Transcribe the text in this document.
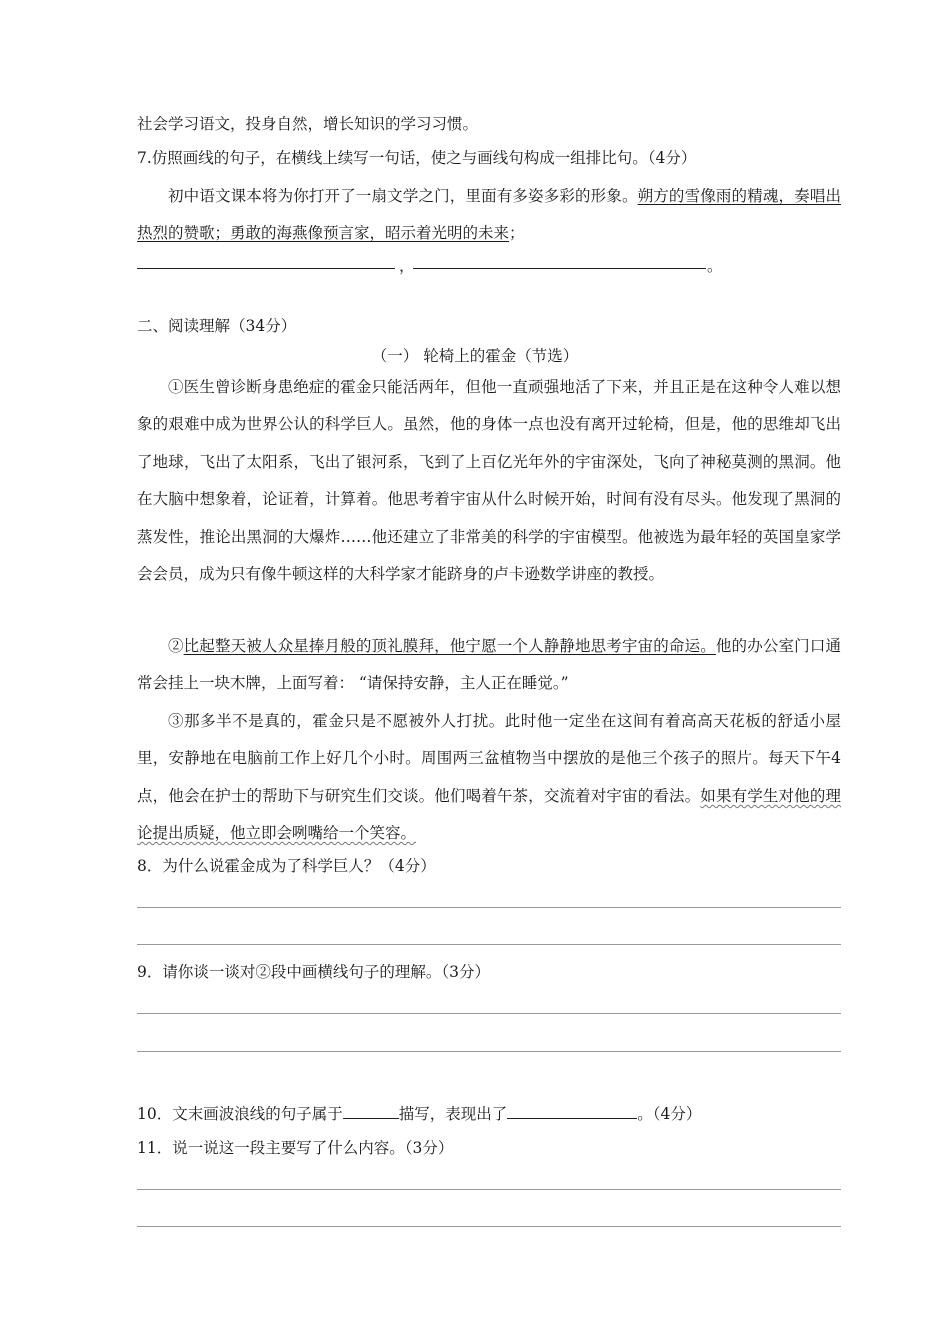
社会学习语文，投身自然，增长知识的学习习惯。
7.仿照画线的句子，在横线上续写一句话，使之与画线句构成一组排比句。（4分）
初中语文课本将为你打开了一扇文学之门，里面有多姿多彩的形象。朔方的雪像雨的精魂，奏唱出热烈的赞歌；勇敢的海燕像预言家，昭示着光明的未来；
，	。
二、阅读理解（34分）
（一） 轮椅上的霍金（节选）
①医生曾诊断身患绝症的霍金只能活两年，但他一直顽强地活了下来，并且正是在这种令人难以想象的艰难中成为世界公认的科学巨人。虽然，他的身体一点也没有离开过轮椅，但是，他的思维却飞出了地球，飞出了太阳系，飞出了银河系，飞到了上百亿光年外的宇宙深处，飞向了神秘莫测的黑洞。他在大脑中想象着，论证着，计算着。他思考着宇宙从什么时候开始，时间有没有尽头。他发现了黑洞的蒸发性，推论出黑洞的大爆炸……他还建立了非常美的科学的宇宙模型。他被选为最年轻的英国皇家学会会员，成为只有像牛顿这样的大科学家才能跻身的卢卡逊数学讲座的教授。
②比起整天被人众星捧月般的顶礼膜拜，他宁愿一个人静静地思考宇宙的命运。他的办公室门口通常会挂上一块木牌，上面写着： “请保持安静，主人正在睡觉。”
③那多半不是真的，霍金只是不愿被外人打扰。此时他一定坐在这间有着高高天花板的舒适小屋里，安静地在电脑前工作上好几个小时。周围两三盆植物当中摆放的是他三个孩子的照片。每天下午4点，他会在护士的帮助下与研究生们交谈。他们喝着午茶，交流着对宇宙的看法。如果有学生对他的理论提出质疑，他立即会咧嘴给一个笑容。
8．为什么说霍金成为了科学巨人？（4分）
9．请你谈一谈对②段中画横线句子的理解。（3分）
10．文末画波浪线的句子属于	描写，表现出了	。（4分）
11．说一说这一段主要写了什么内容。（3分）
